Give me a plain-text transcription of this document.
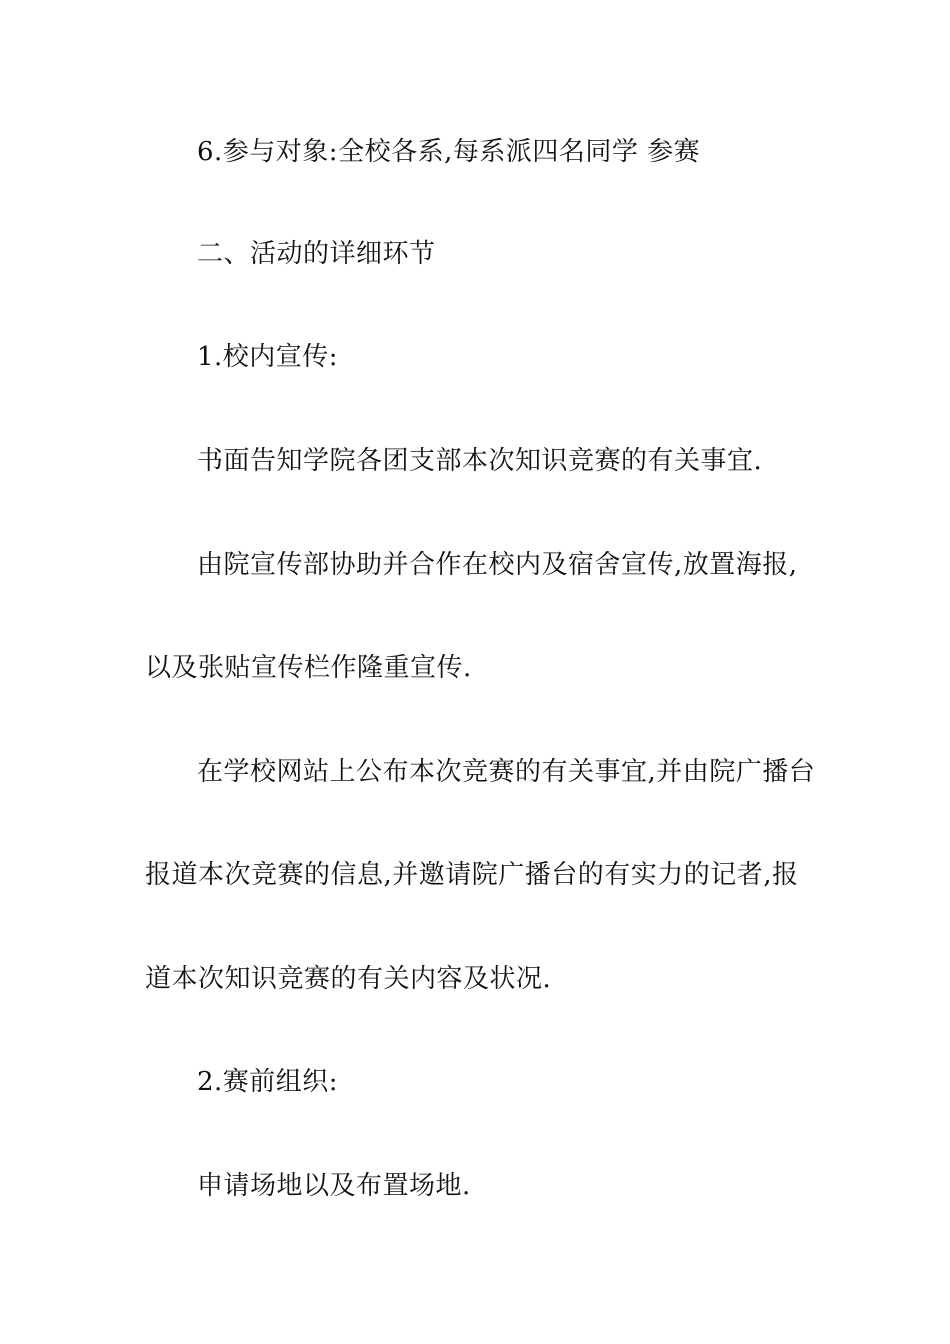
6.参与对象:全校各系,每系派四名同学 参赛
二、活动的详细环节
1.校内宣传:
书面告知学院各团支部本次知识竞赛的有关事宜.
由院宣传部协助并合作在校内及宿舍宣传,放置海报,
以及张贴宣传栏作隆重宣传.
在学校网站上公布本次竞赛的有关事宜,并由院广播台
报道本次竞赛的信息,并邀请院广播台的有实力的记者,报
道本次知识竞赛的有关内容及状况.
2.赛前组织:
申请场地以及布置场地.
